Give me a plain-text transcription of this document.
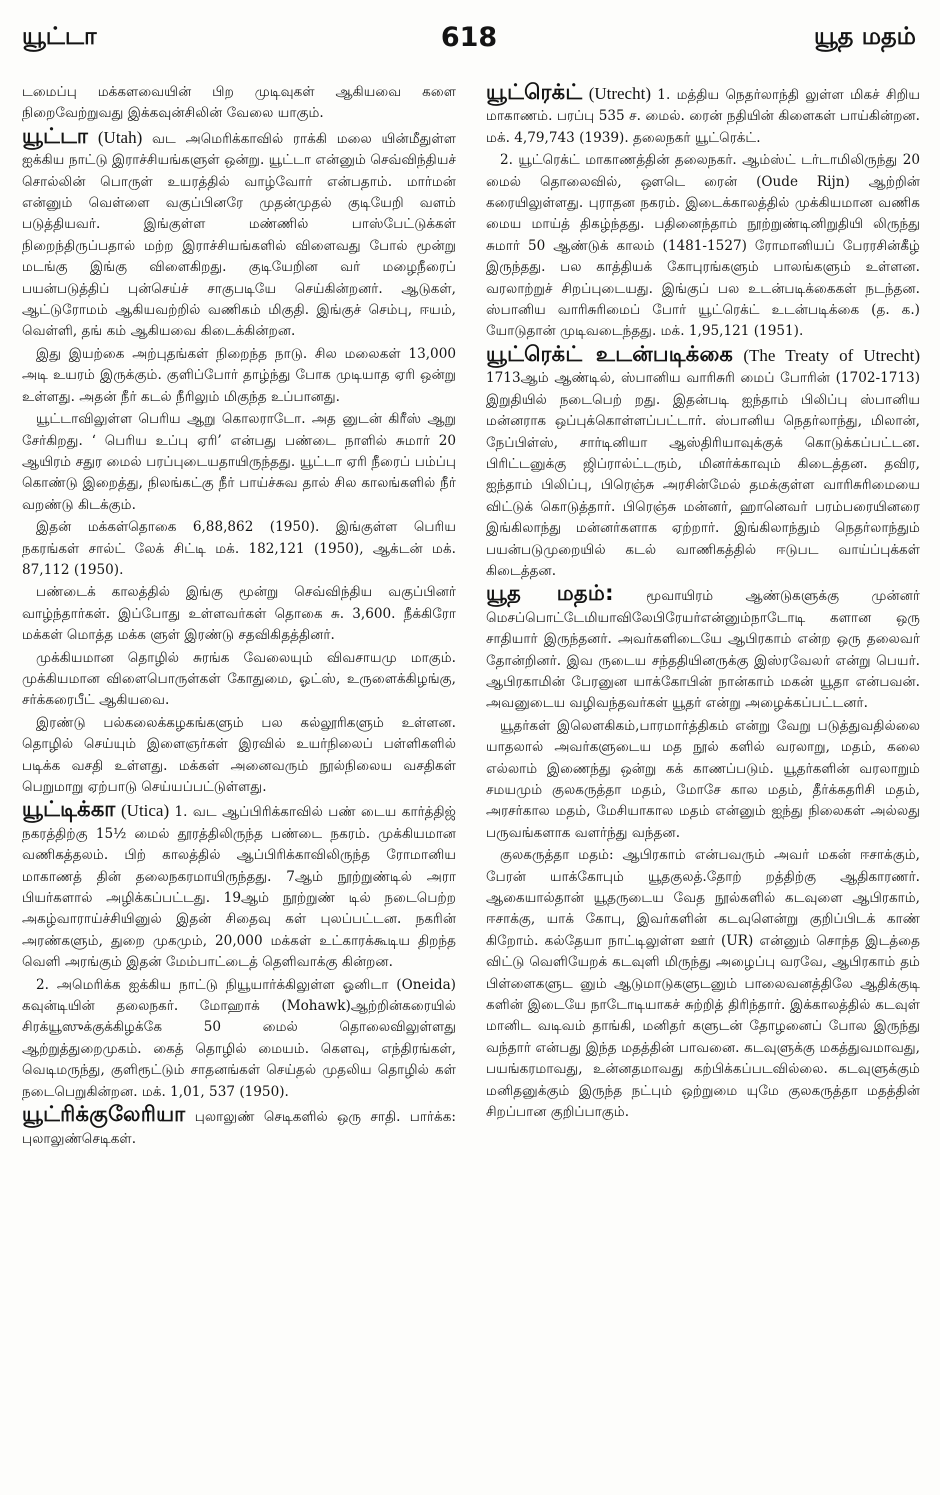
யூட்டா	618	யூத மதம்

டமைப்பு மக்களவையின் பிற முடிவுகள் ஆகியவை களை நிறைவேற்றுவது இக்கவுன்சிலின் வேலை யாகும்.

யூட்டா (Utah) வட அமெரிக்காவில் ராக்கி மலை யின்மீதுள்ள ஐக்கிய நாட்டு இராச்சியங்களுள் ஒன்று. யூட்டா என்னும் செவ்விந்தியச் சொல்லின் பொருள் உயரத்தில் வாழ்வோர் என்பதாம். மார்மன் என்னும் வெள்ளை வகுப்பினரே முதன்முதல் குடியேறி வளம் படுத்தியவர். இங்குள்ள மண்ணில் பாஸ்பேட்டுக்கள் நிறைந்திருப்பதால் மற்ற இராச்சியங்களில் விளைவது போல் மூன்று மடங்கு இங்கு விளைகிறது. குடியேறின வர் மழைநீரைப் பயன்படுத்திப் புன்செய்ச் சாகுபடியே செய்கின்றனர். ஆடுகள், ஆட்டுரோமம் ஆகியவற்றில் வணிகம் மிகுதி. இங்குச் செம்பு, ஈயம், வெள்ளி, தங் கம் ஆகியவை கிடைக்கின்றன.

இது இயற்கை அற்புதங்கள் நிறைந்த நாடு. சில மலைகள் 13,000 அடி உயரம் இருக்கும். குளிப்போர் தாழ்ந்து போக முடியாத ஏரி ஒன்று உள்ளது. அதன் நீர் கடல் நீரிலும் மிகுந்த உப்பானது.

யூட்டாவிலுள்ள பெரிய ஆறு கொலராடோ. அத னுடன் கிரீஸ் ஆறு சேர்கிறது. ‘ பெரிய உப்பு ஏரி’ என்பது பண்டை நாளில் சுமார் 20 ஆயிரம் சதுர மைல் பரப்புடையதாயிருந்தது. யூட்டா ஏரி நீரைப் பம்ப்பு கொண்டு இறைத்து, நிலங்கட்கு நீர் பாய்ச்சுவ தால் சில காலங்களில் நீர் வறண்டு கிடக்கும்.

இதன் மக்கள்தொகை 6,88,862 (1950). இங்குள்ள பெரிய நகரங்கள் சால்ட் லேக் சிட்டி மக். 182,121 (1950), ஆக்டன் மக். 87,112 (1950).

பண்டைக் காலத்தில் இங்கு மூன்று செவ்விந்திய வகுப்பினர் வாழ்ந்தார்கள். இப்போது உள்ளவர்கள் தொகை சு. 3,600. நீக்கிரோ மக்கள் மொத்த மக்க ளுள் இரண்டு சதவிகிதத்தினர்.

முக்கியமான தொழில் சுரங்க வேலையும் விவசாயமு மாகும். முக்கியமான விளைபொருள்கள் கோதுமை, ஓட்ஸ், உருளைக்கிழங்கு, சர்க்கரைபீட் ஆகியவை.

இரண்டு பல்கலைக்கழகங்களும் பல கல்லூரிகளும் உள்ளன. தொழில் செய்யும் இளைஞர்கள் இரவில் உயர்நிலைப் பள்ளிகளில் படிக்க வசதி உள்ளது. மக்கள் அனைவரும் நூல்நிலைய வசதிகள் பெறுமாறு ஏற்பாடு செய்யப்பட்டுள்ளது.

யூட்டிக்கா (Utica) 1. வட ஆப்பிரிக்காவில் பண் டைய கார்த்திஜ் நகரத்திற்கு 15½ மைல் தூரத்திலிருந்த பண்டை நகரம். முக்கியமான வணிகத்தலம். பிற் காலத்தில் ஆப்பிரிக்காவிலிருந்த ரோமானிய மாகாணத் தின் தலைநகரமாயிருந்தது. 7ஆம் நூற்றுண்டில் அரா பியர்களால் அழிக்கப்பட்டது. 19ஆம் நூற்றுண் டில் நடைபெற்ற அகழ்வாராய்ச்சியினுல் இதன் சிதைவு கள் புலப்பட்டன. நகரின் அரண்களும், துறை முகமும், 20,000 மக்கள் உட்காரக்கூடிய திறந்த வெளி அரங்கும் இதன் மேம்பாட்டைத் தெளிவாக்கு கின்றன.

2. அமெரிக்க ஐக்கிய நாட்டு நியூயார்க்கிலுள்ள ஓனிடா (Oneida) கவுன்டியின் தலைநகர். மோஹாக் (Mohawk)ஆற்றின்கரையில் சிரக்யூஸுக்குக்கிழக்கே 50 மைல் தொலைவிலுள்ளது ஆற்றுத்துறைமுகம். கைத் தொழில் மையம். கௌவு, எந்திரங்கள், வெடிமருந்து, குளிரூட்டும் சாதனங்கள் செய்தல் முதலிய தொழில் கள் நடைபெறுகின்றன. மக். 1,01, 537 (1950).

யூட்ரிக்குலேரியா புலாலுண் செடிகளில் ஒரு சாதி. பார்க்க: புலாலுண்செடிகள்.

யூட்ரெக்ட் (Utrecht) 1. மத்திய நெதர்லாந்தி லுள்ள மிகச் சிறிய மாகாணம். பரப்பு 535 ச. மைல். ரைன் நதியின் கிளைகள் பாய்கின்றன. மக். 4,79,743 (1939). தலைநகர் யூட்ரெக்ட்.

2. யூட்ரெக்ட் மாகாணத்தின் தலைநகர். ஆம்ஸ்ட் டர்டாமிலிருந்து 20 மைல் தொலைவில், ஔடெ ரைன் (Oude Rijn) ஆற்றின் கரையிலுள்ளது. புராதன நகரம். இடைக்காலத்தில் முக்கியமான வணிக மைய மாய்த் திகழ்ந்தது. பதினைந்தாம் நூற்றுண்டினிறுதியி லிருந்து சுமார் 50 ஆண்டுக் காலம் (1481-1527) ரோமானியப் பேரரசின்கீழ் இருந்தது. பல காத்தியக் கோபுரங்களும் பாலங்களும் உள்ளன. வரலாற்றுச் சிறப்புடையது. இங்குப் பல உடன்படிக்கைகள் நடந்தன. ஸ்பானிய வாரிசுரிமைப் போர் யூட்ரெக்ட் உடன்படிக்கை (த. க.) யோடுதான் முடிவடைந்தது. மக். 1,95,121 (1951).

யூட்ரெக்ட் உடன்படிக்கை (The Treaty of Utrecht) 1713ஆம் ஆண்டில், ஸ்பானிய வாரிசுரி மைப் போரின் (1702-1713) இறுதியில் நடைபெற் றது. இதன்படி ஐந்தாம் பிலிப்பு ஸ்பானிய மன்னராக ஒப்புக்கொள்ளப்பட்டார். ஸ்பானிய நெதர்லாந்து, மிலான், நேப்பிள்ஸ், சார்டினியா ஆஸ்திரியாவுக்குக் கொடுக்கப்பட்டன. பிரிட்டனுக்கு ஜிப்ரால்ட்டரும், மினர்க்காவும் கிடைத்தன. தவிர, ஐந்தாம் பிலிப்பு, பிரெஞ்சு அரசின்மேல் தமக்குள்ள வாரிசுரிமையை விட்டுக் கொடுத்தார். பிரெஞ்சு மன்னர், ஹானெவர் பரம்பரையினரை இங்கிலாந்து மன்னர்களாக ஏற்றார். இங்கிலாந்தும் நெதர்லாந்தும் பயன்படுமுறையில் கடல் வாணிகத்தில் ஈடுபட வாய்ப்புக்கள் கிடைத்தன.

யூத மதம்: மூவாயிரம் ஆண்டுகளுக்கு முன்னர் மெசப்பொட்டேமியாவிலேபிரேயர்என்னும்நாடோடி களான ஒரு சாதியார் இருந்தனர். அவர்களிடையே ஆபிரகாம் என்ற ஒரு தலைவர் தோன்றினர். இவ ருடைய சந்ததியினருக்கு இஸ்ரவேலர் என்று பெயர். ஆபிரகாமின் பேரனுன யாக்கோபின் நான்காம் மகன் யூதா என்பவன். அவனுடைய வழிவந்தவர்கள் யூதர் என்று அழைக்கப்பட்டனர்.

யூதர்கள் இலௌகிகம்,பாரமார்த்திகம் என்று வேறு படுத்துவதில்லை யாதலால் அவர்களுடைய மத நூல் களில் வரலாறு, மதம், கலை எல்லாம் இணைந்து ஒன்று கக் காணப்படும். யூதர்களின் வரலாறும் சமயமும் குலகருத்தா மதம், மோசே கால மதம், தீர்க்கதரிசி மதம், அரசர்கால மதம், மேசியாகால மதம் என்னும் ஐந்து நிலைகள் அல்லது பருவங்களாக வளர்ந்து வந்தன.

குலகருத்தா மதம்: ஆபிரகாம் என்பவரும் அவர் மகன் ஈசாக்கும், பேரன் யாக்கோபும் யூதகுலத்.தோற் றத்திற்கு ஆதிகாரணர். ஆகையால்தான் யூதருடைய வேத நூல்களில் கடவுளை ஆபிரகாம், ஈசாக்கு, யாக் கோபு, இவர்களின் கடவுளென்று குறிப்பிடக் காண் கிறோம். கல்தேயா நாட்டிலுள்ள ஊர் (UR) என்னும் சொந்த இடத்தை விட்டு வெளியேறக் கடவுளி மிருந்து அழைப்பு வரவே, ஆபிரகாம் தம் பிள்ளைகளுட னும் ஆடுமாடுகளுடனும் பாலைவனத்திலே ஆதிக்குடி களின் இடையே நாடோடியாகச் சுற்றித் திரிந்தார். இக்காலத்தில் கடவுள் மானிட வடிவம் தாங்கி, மனிதர் களுடன் தோழனைப் போல இருந்து வந்தார் என்பது இந்த மதத்தின் பாவனை. கடவுளுக்கு மகத்துவமாவது, பயங்கரமாவது, உன்னதமாவது கற்பிக்கப்படவில்லை. கடவுளுக்கும் மனிதனுக்கும் இருந்த நட்பும் ஒற்றுமை யுமே குலகருத்தா மதத்தின் சிறப்பான குறிப்பாகும்.
